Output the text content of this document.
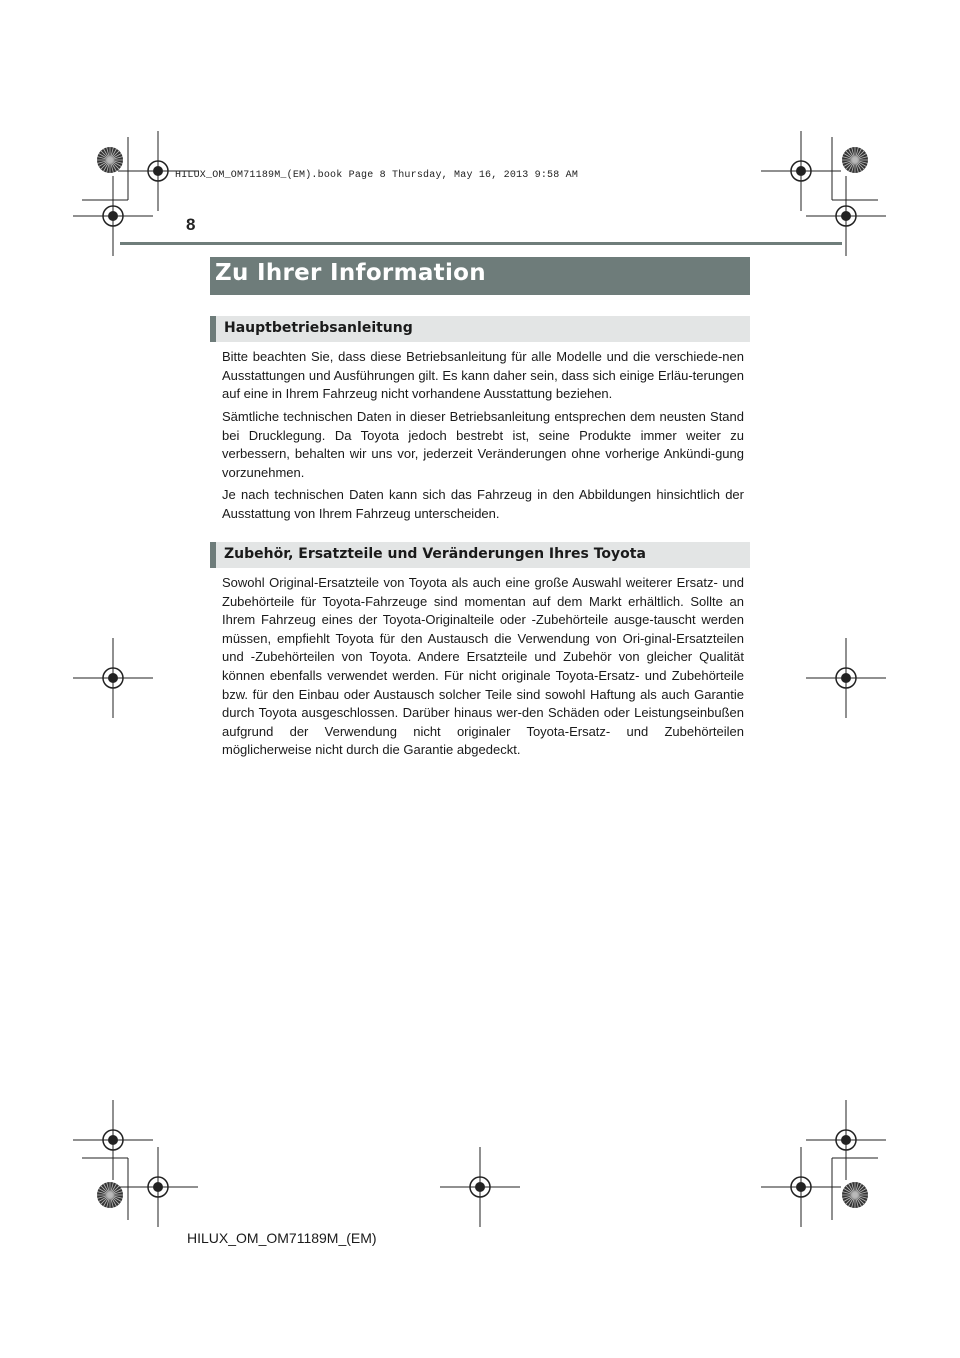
HILUX_OM_OM71189M_(EM).book Page 8 Thursday, May 16, 2013 9:58 AM
8
Zu Ihrer Information
Hauptbetriebsanleitung

Bitte beachten Sie, dass diese Betriebsanleitung für alle Modelle und die verschiede-nen Ausstattungen und Ausführungen gilt. Es kann daher sein, dass sich einige Erläu-terungen auf eine in Ihrem Fahrzeug nicht vorhandene Ausstattung beziehen.

Sämtliche technischen Daten in dieser Betriebsanleitung entsprechen dem neusten Stand bei Drucklegung. Da Toyota jedoch bestrebt ist, seine Produkte immer weiter zu verbessern, behalten wir uns vor, jederzeit Veränderungen ohne vorherige Ankündi-gung vorzunehmen.

Je nach technischen Daten kann sich das Fahrzeug in den Abbildungen hinsichtlich der Ausstattung von Ihrem Fahrzeug unterscheiden.

Zubehör, Ersatzteile und Veränderungen Ihres Toyota

Sowohl Original-Ersatzteile von Toyota als auch eine große Auswahl weiterer Ersatz- und Zubehörteile für Toyota-Fahrzeuge sind momentan auf dem Markt erhältlich. Sollte an Ihrem Fahrzeug eines der Toyota-Originalteile oder -Zubehörteile ausge-tauscht werden müssen, empfiehlt Toyota für den Austausch die Verwendung von Ori-ginal-Ersatzteilen und -Zubehörteilen von Toyota. Andere Ersatzteile und Zubehör von gleicher Qualität können ebenfalls verwendet werden. Für nicht originale Toyota-Ersatz- und Zubehörteile bzw. für den Einbau oder Austausch solcher Teile sind sowohl Haftung als auch Garantie durch Toyota ausgeschlossen. Darüber hinaus wer-den Schäden oder Leistungseinbußen aufgrund der Verwendung nicht originaler Toyota-Ersatz- und Zubehörteilen möglicherweise nicht durch die Garantie abgedeckt.

HILUX_OM_OM71189M_(EM)
